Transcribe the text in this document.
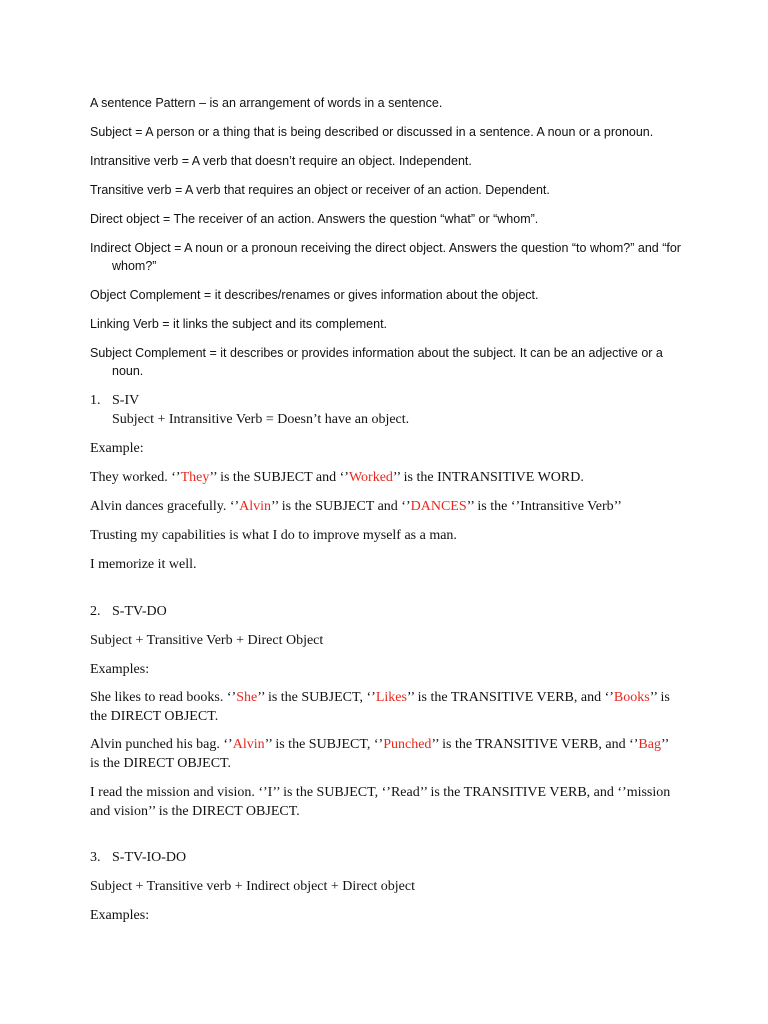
A sentence Pattern – is an arrangement of words in a sentence.

Subject = A person or a thing that is being described or discussed in a sentence. A noun or a pronoun.

Intransitive verb = A verb that doesn’t require an object. Independent.

Transitive verb = A verb that requires an object or receiver of an action. Dependent.

Direct object = The receiver of an action. Answers the question “what” or “whom”.

Indirect Object = A noun or a pronoun receiving the direct object. Answers the question “to whom?” and “for whom?”

Object Complement = it describes/renames or gives information about the object.

Linking Verb = it links the subject and its complement.

Subject Complement = it describes or provides information about the subject. It can be an adjective or a noun.

1. S-IV
Subject + Intransitive Verb = Doesn’t have an object.
Example:
They worked. ‘’They’’ is the SUBJECT and ‘’Worked’’ is the INTRANSITIVE WORD.
Alvin dances gracefully. ‘’Alvin’’ is the SUBJECT and ‘’DANCES’’ is the ‘’Intransitive Verb’’
Trusting my capabilities is what I do to improve myself as a man.
I memorize it well.
2. S-TV-DO
Subject + Transitive Verb + Direct Object
Examples:
She likes to read books. ‘’She’’ is the SUBJECT, ‘’Likes’’ is the TRANSITIVE VERB, and ‘’Books’’ is the DIRECT OBJECT.
Alvin punched his bag. ‘’Alvin’’ is the SUBJECT, ‘’Punched’’ is the TRANSITIVE VERB, and ‘’Bag’’ is the DIRECT OBJECT.
I read the mission and vision. ‘’I’’ is the SUBJECT, ‘’Read’’ is the TRANSITIVE VERB, and ‘’mission and vision’’ is the DIRECT OBJECT.
3. S-TV-IO-DO
Subject + Transitive verb + Indirect object + Direct object
Examples:
